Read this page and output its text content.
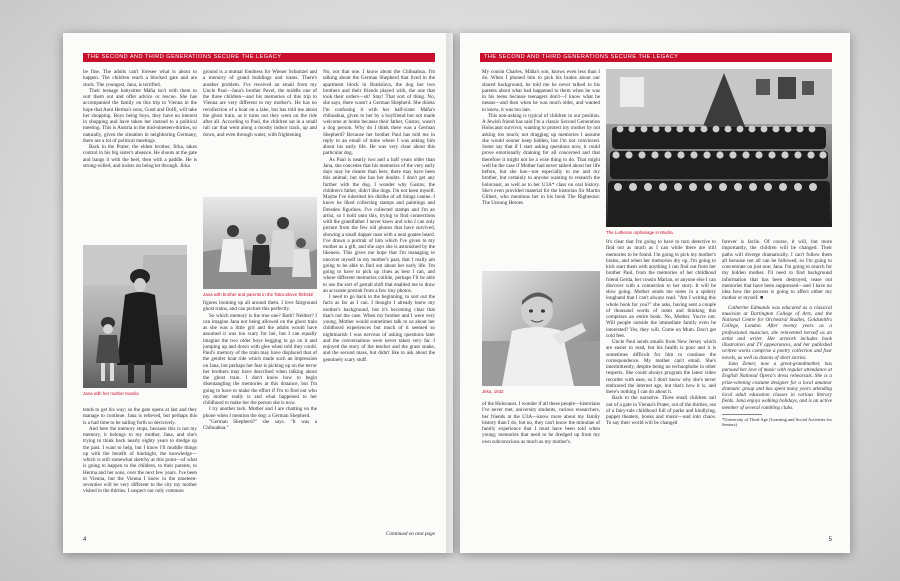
THE SECOND AND THIRD GENERATIONS SECURE THE LEGACY

be fine. The adults can't foresee what is about to happen. The children reach a blocked gate and are stuck. The youngest, Jana, is terrified.

Their teenage babysitter Máňa isn't with them to sort them out and offer advice or rescue. She has accompanied the family on this trip to Vienna in the hope that Aunt Herma's sons, Gusti and Dolfi, will take her shopping. Boys being boys, they have no interest in shopping and have taken her instead to a political meeting. This is Austria in the mid-nineteen-thirties, so naturally, given the situation in neighboring Germany, there are a lot of political meetings.

Back in the Prater, the eldest brother, Jirka, takes control in his big sister's absence. He shouts at the gate and bangs it with the heel, then with a paddle. He is strong-willed, and insists on being let through. Jirka

Jana with her mother Kamila

tends to get his way; so the gate opens at last and they manage to continue. Jana is relieved, but perhaps this is a bad time to be sailing forth so decisively.

And here the memory stops, because this is not my memory, it belongs to my mother, Jana, and she's trying to think back nearly eighty years to dredge up the past. I want to help, but I know I'll muddle things up with the benefit of hindsight, the knowledge—which is still somewhat sketchy at this point—of what is going to happen to the children, to their parents, to Herma and her sons, over the next few years. I've been to Vienna, but the Vienna I knew in the nineteen-seventies will be very different to the city my mother visited in the thirties. I suspect our only common

ground is a mutual fondness for Wiener Schnitzel and a memory of grand buildings and trams. There's another problem. I've received an email from my Uncle Paul—Jana's brother Pavel, the middle one of the three children—and his memories of this trip to Vienna are very different to my mother's. He has no recollection of a boat on a lake, but has told me about the ghost train, as it turns out they went on the ride after all. According to Paul, the children sat in a small rail car that went along a mostly indoor track, up and down, and even through water, with frightening

Jana with brother and parents in the Tatra above Štrbské

figures looming up all around them. I love fairground ghost trains, and can picture this perfectly.

So which memory is the true one? Both? Neither? I can imagine Jana not being allowed on the ghost train as she was a little girl and the adults would have assumed it was too scary for her, but I can equally imagine the two older boys begging to go on it and jumping up and down with glee when told they could. Paul's memory of the train may have displaced that of the gentler boat ride which made such an impression on Jana, but perhaps her fear is picking up on the terror her brothers may have described when talking about the ghost train. I don't know how to begin disentangling the memories at this distance, but I'm going to have to make the effort if I'm to find out who my mother really is and what happened to her childhood to make her the person she is now.

I try another tack. Mother and I are chatting on the phone when I mention the dog: a German Shepherd.

"German Shepherd?" she says. "It was a Chihuahua."

No, not that one. I know about the Chihuahua. I'm talking about the German Shepherd that lived in the apartment block in Bratislava, the dog her two brothers and their friends played with, the one that took their orders—sit! Stay! That sort of thing. No, she says, there wasn't a German Shepherd. She thinks I'm confusing it with her half-sister Máňa's chihuahua, given to her by a boyfriend but not made welcome at home because their father, Gustav, wasn't a dog person. Why do I think there was a German Shepherd? Because her brother Paul has told me in reply to an email of mine where I was asking him about his early life. He was very clear about this particular dog.

As Paul is nearly two and a half years older than Jana, she concedes that his memories of the very early days may be clearer than hers; there may have been this animal; but she has her doubts. I don't get any further with the dog. I wonder why Gustav, the children's father, didn't like dogs. I'm not keen myself. Maybe I've inherited his dislike of all things canine. I know he liked collecting stamps and paintings and Dresden figurines. I've collected stamps and I'm an artist, so I hold onto this, trying to find connections with the grandfather I never knew and who I can only picture from the few old photos that have survived, showing a small dapper man with a neat goatee beard. I've drawn a portrait of him which I've given to my mother as a gift, and she says she is astonished by the likeness. This gives me hope that I'm managing to uncover myself in my mother's past, that I really am going to be able to find out about her early life. I'm going to have to pick up clues as best I can, and where different memories collide, perhaps I'll be able to use the sort of gestalt shift that enabled me to draw an accurate portrait from a few tiny photos.

I need to go back to the beginning, to sort out the facts as far as I can. I thought I already knew my mother's background, but it's becoming clear that that's not the case. When my brother and I were very young, Mother would sometimes talk to us about her childhood experiences but much of it seemed so nightmarish I was nervous of asking questions later and the conversations were never taken very far. I enjoyed the story of the teacher and the grass snake, and the second mass, but didn't like to ask about the genuinely scary stuff.

Continued on next page
4
THE SECOND AND THIRD GENERATIONS SECURE THE LEGACY

My cousin Charles, Máňa's son, knows even less than I do. When I phoned him to pick his brains about our shared background, he told me he never talked to his parents about what had happened to them when he was in his teens because teenagers don't—I know what he means—and then when he was much older, and wanted to know, it was too late.

This non-asking is typical of children in our position. A Jewish friend has said I'm a classic Second Generation Holocaust survivor, wanting to protect my mother by not asking too much; not dragging up memories I assume she would sooner keep hidden, but I'm not convinced. Some say that if I start asking questions now, it could prove emotionally draining for all concerned and that therefore it might not be a wise thing to do. That might well be the case if Mother had never talked about her life before, but she has—not especially to me and my brother, but certainly to anyone wanting to research the holocaust, as well as to her U3A* class on oral history. She's even provided material for the historian Sir Martin Gilbert, who mentions her in his book The Righteous: The Unsung Heroes

Jirka, 1932

of the Holocaust. I wonder if all these people—historians I've never met, university students, various researchers, her friends at the U3A—know more about my family history than I do, but no, they can't know the minutiae of family experience that I must have been told when young; memories that need to be dredged up from my own subconscious as much as my mother's.

The Lutheran orphanage in Modra.

It's clear that I'm going to have to turn detective to find out as much as I can while there are still memories to be found. I'm going to pick my mother's brains, and when her memories dry up, I'm going to kick start them with anything I can find out from her brother Paul, from the memories of her childhood friend Gerda, her cousin Marian, or anyone else I can discover with a connection to her story. It will be slow going. Mother sends me notes in a spidery longhand that I can't always read. "Am I writing this whole book for you?" she asks, having sent a couple of thousand words of notes and thinking this comprises an entire book. No, Mother. You're not. Will people outside the immediate family even be interested? Yes, they will. Come on Mum. Don't get cold feet.

Uncle Paul sends emails from New Jersey which are easier to read, but his health is poor and it is sometimes difficult for him to continue the correspondence. My mother can't email. She's intermittently, despite being no technophobe in other respects. She could always program the latest video recorder with ease, so I don't know why she's never embraced the internet age, but that's how it is, and there's nothing I can do about it.

Back to the narrative. Three small children sail out of a gate in Vienna's Prater, out of the thirties, out of a fairy-tale childhood full of parks and kindlying, puppet theaters, books and music—and into chaos. To say their world will be changed

forever is facile. Of course, it will, but more importantly, the children will be changed. Their paths will diverge dramatically. I can't follow them all because not all can be followed, so I'm going to concentrate on just one; Jana. I'm going to search for my hidden mother. I'll need to find background information that has been destroyed, tease out memories that have been suppressed—and I have no idea how the process is going to affect either my mother or myself. ■

Catherine Edmunds was educated as a classical musician at Dartington College of Arts, and the National Centre for Orchestral Studies, Goldsmith's College, London. After twenty years as a professional musician, she reinvented herself as an artist and writer. Her artwork includes book illustration and TV appearances, and her published written works comprise a poetry collection and four novels, as well as dozens of short stories.

Jana Zemer, now a great-grandmother, has pursued her love of music with regular attendance at English National Opera's dress rehearsals. She is a prize-winning costume designer for a local amateur dramatic group and has spent many years attending local adult education classes in various literary fields. Jana enjoys walking holidays, and is an active member of several rambling clubs.

*University of Third Age (Learning and Social Activities for Seniors)

5
